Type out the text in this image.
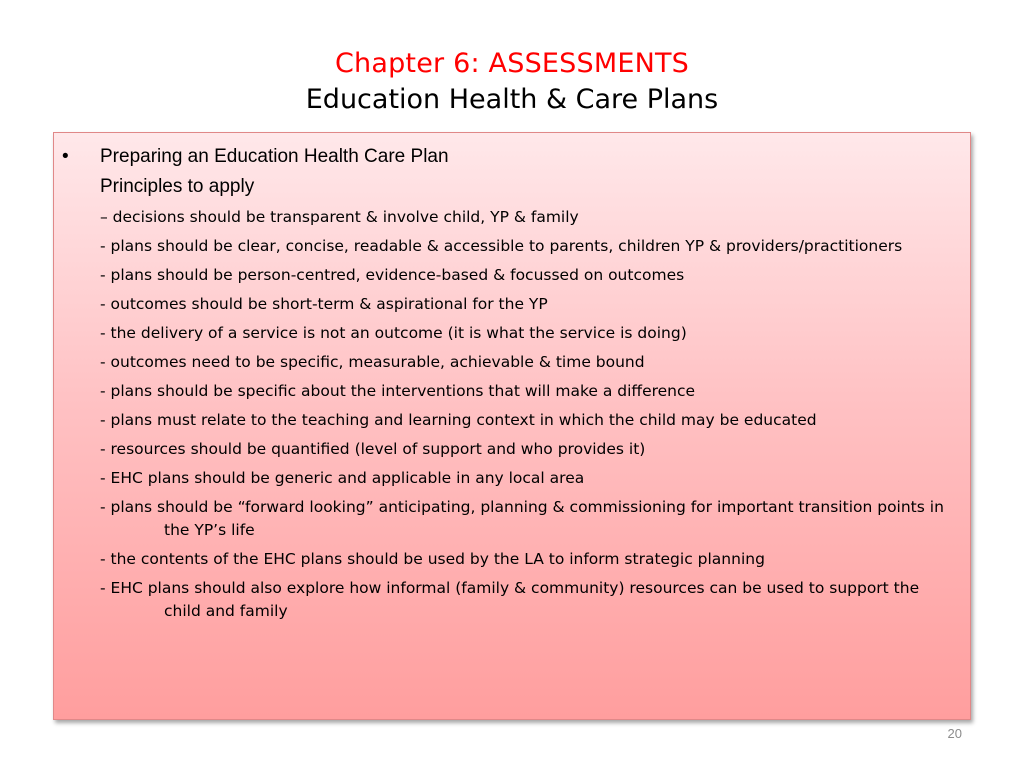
Chapter 6: ASSESSMENTS
Education Health & Care Plans
• Preparing an Education Health Care Plan
Principles to apply
– decisions should be transparent & involve child, YP & family
- plans should be clear, concise, readable & accessible to parents, children YP & providers/practitioners
- plans should be person-centred, evidence-based & focussed on outcomes
- outcomes should be short-term & aspirational for the YP
- the delivery of a service is not an outcome (it is what the service is doing)
- outcomes need to be specific, measurable, achievable & time bound
- plans should be specific about the interventions that will make a difference
- plans must relate to the teaching and learning context in which the child may be educated
- resources should be quantified (level of support and who provides it)
- EHC plans should be generic and applicable in any local area
- plans should be “forward looking” anticipating, planning & commissioning for important transition points in the YP’s life
- the contents of the EHC plans should be used by the LA to inform strategic planning
- EHC plans should also explore how informal (family & community) resources can be used to support the child and family
20
